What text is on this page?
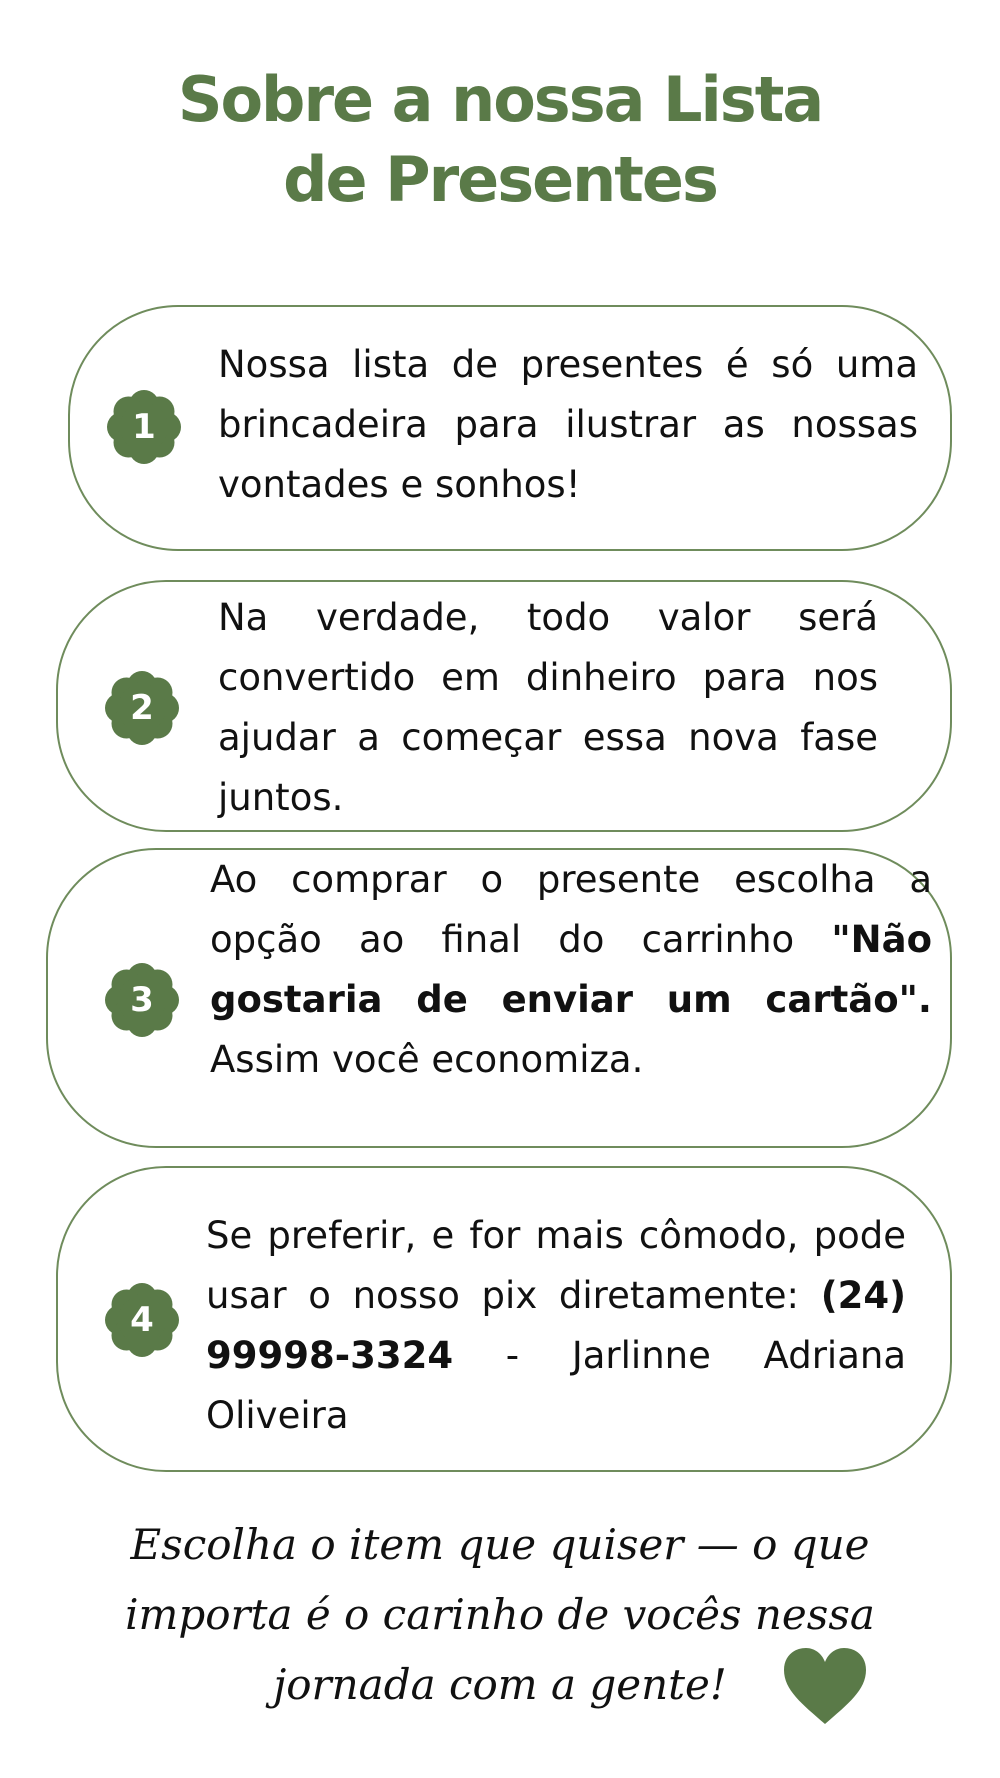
Sobre a nossa Lista
de Presentes
1
Nossa lista de presentes é só uma brincadeira para ilustrar as nossas vontades e sonhos!
2
Na verdade, todo valor será convertido em dinheiro para nos ajudar a começar essa nova fase juntos.
3
Ao comprar o presente escolha a opção ao final do carrinho "Não gostaria de enviar um cartão". Assim você economiza.
4
Se preferir, e for mais cômodo, pode usar o nosso pix diretamente: (24) 99998-3324 - Jarlinne Adriana Oliveira

Escolha o item que quiser — o que importa é o carinho de vocês nessa jornada com a gente!
